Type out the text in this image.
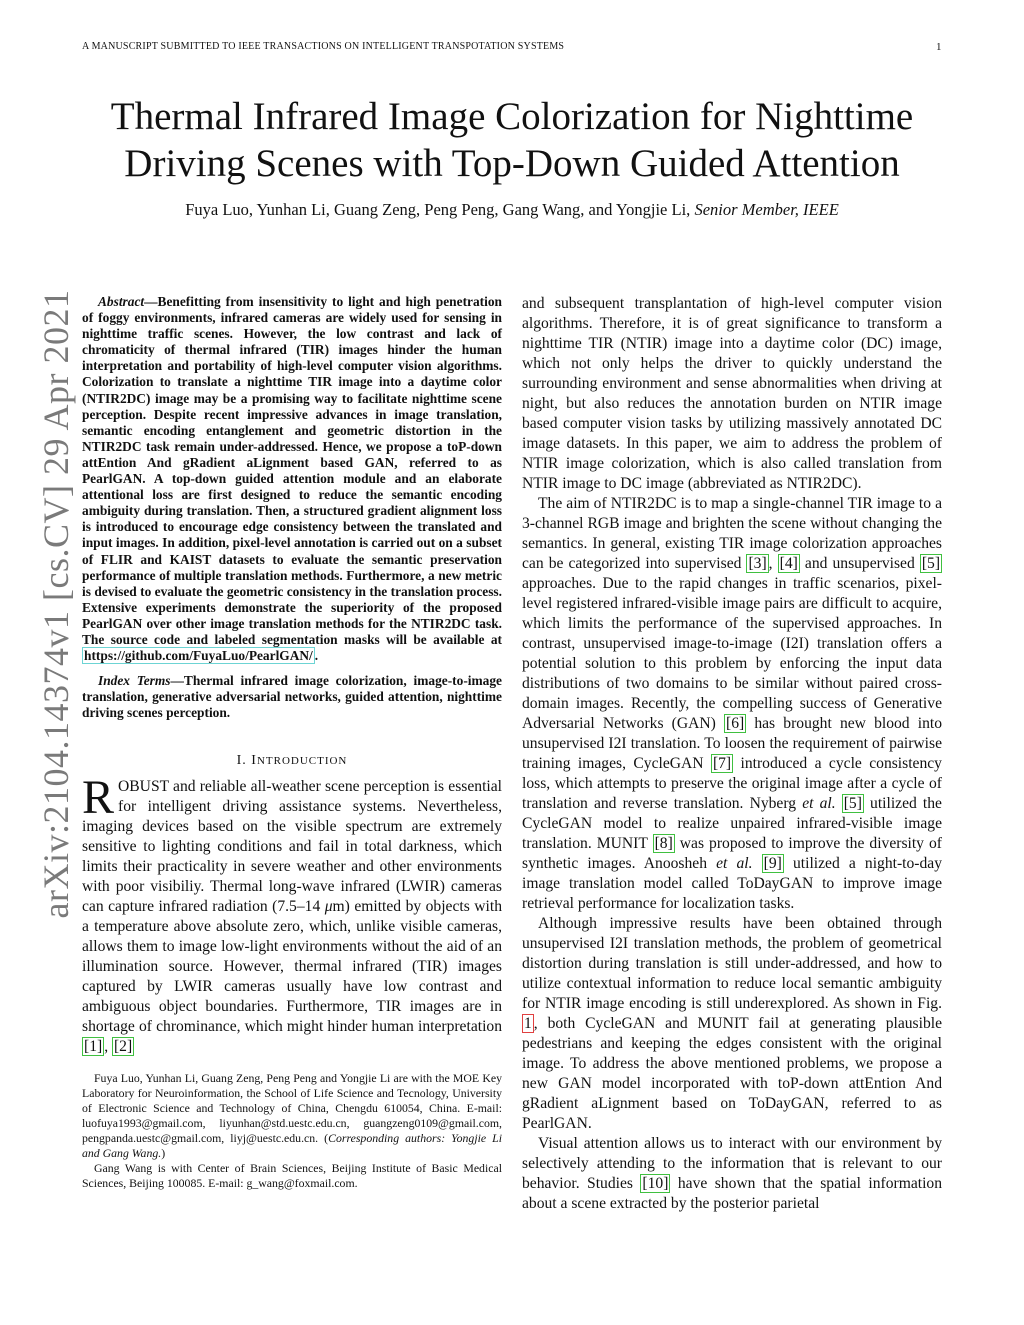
A MANUSCRIPT SUBMITTED TO IEEE TRANSACTIONS ON INTELLIGENT TRANSPOTATION SYSTEMS	1
Thermal Infrared Image Colorization for Nighttime
Driving Scenes with Top-Down Guided Attention
Fuya Luo, Yunhan Li, Guang Zeng, Peng Peng, Gang Wang, and Yongjie Li, Senior Member, IEEE
arXiv:2104.14374v1 [cs.CV] 29 Apr 2021	Abstract—Benefitting from insensitivity to light and high penetration of foggy environments, infrared cameras are widely used for sensing in nighttime traffic scenes. However, the low contrast and lack of chromaticity of thermal infrared (TIR) images hinder the human interpretation and portability of high-level computer vision algorithms. Colorization to translate a nighttime TIR image into a daytime color (NTIR2DC) image may be a promising way to facilitate nighttime scene perception. Despite recent impressive advances in image translation, semantic encoding entanglement and geometric distortion in the NTIR2DC task remain under-addressed. Hence, we propose a toP-down attEntion And gRadient aLignment based GAN, referred to as PearlGAN. A top-down guided attention module and an elaborate attentional loss are first designed to reduce the semantic encoding ambiguity during translation. Then, a structured gradient alignment loss is introduced to encourage edge consistency between the translated and input images. In addition, pixel-level annotation is carried out on a subset of FLIR and KAIST datasets to evaluate the semantic preservation performance of multiple translation methods. Furthermore, a new metric is devised to evaluate the geometric consistency in the translation process. Extensive experiments demonstrate the superiority of the proposed PearlGAN over other image translation methods for the NTIR2DC task. The source code and labeled segmentation masks will be available at https://github.com/FuyaLuo/PearlGAN/ .

Index Terms—Thermal infrared image colorization, image-to-image translation, generative adversarial networks, guided attention, nighttime driving scenes perception.

I. INTRODUCTION

ROBUST and reliable all-weather scene perception is essential for intelligent driving assistance systems. Nevertheless, imaging devices based on the visible spectrum are extremely sensitive to lighting conditions and fail in total darkness, which limits their practicality in severe weather and other environments with poor visibiliy. Thermal long-wave infrared (LWIR) cameras can capture infrared radiation (7.5–14 μm) emitted by objects with a temperature above absolute zero, which, unlike visible cameras, allows them to image low-light environments without the aid of an illumination source. However, thermal infrared (TIR) images captured by LWIR cameras usually have low contrast and ambiguous object boundaries. Furthermore, TIR images are in shortage of chrominance, which might hinder human interpretation [1] , [2]

Fuya Luo, Yunhan Li, Guang Zeng, Peng Peng and Yongjie Li are with the MOE Key Laboratory for Neuroinformation, the School of Life Science and Tecnology, University of Electronic Science and Technology of China, Chengdu 610054, China. E-mail: luofuya1993@gmail.com, liyunhan@std.uestc.edu.cn, guangzeng0109@gmail.com, pengpanda.uestc@gmail.com, liyj@uestc.edu.cn. (Corresponding authors: Yongjie Li and Gang Wang.)

Gang Wang is with Center of Brain Sciences, Beijing Institute of Basic Medical Sciences, Beijing 100085. E-mail: g_wang@foxmail.com.

and subsequent transplantation of high-level computer vision algorithms. Therefore, it is of great significance to transform a nighttime TIR (NTIR) image into a daytime color (DC) image, which not only helps the driver to quickly understand the surrounding environment and sense abnormalities when driving at night, but also reduces the annotation burden on NTIR image based computer vision tasks by utilizing massively annotated DC image datasets. In this paper, we aim to address the problem of NTIR image colorization, which is also called translation from NTIR image to DC image (abbreviated as NTIR2DC).

The aim of NTIR2DC is to map a single-channel TIR image to a 3-channel RGB image and brighten the scene without changing the semantics. In general, existing TIR image colorization approaches can be categorized into supervised [3] , [4] and unsupervised [5] approaches. Due to the rapid changes in traffic scenarios, pixel-level registered infrared-visible image pairs are difficult to acquire, which limits the performance of the supervised approaches. In contrast, unsupervised image-to-image (I2I) translation offers a potential solution to this problem by enforcing the input data distributions of two domains to be similar without paired cross-domain images. Recently, the compelling success of Generative Adversarial Networks (GAN) [6] has brought new blood into unsupervised I2I translation. To loosen the requirement of pairwise training images, CycleGAN [7] introduced a cycle consistency loss, which attempts to preserve the original image after a cycle of translation and reverse translation. Nyberg et al. [5] utilized the CycleGAN model to realize unpaired infrared-visible image translation. MUNIT [8] was proposed to improve the diversity of synthetic images. Anoosheh et al. [9] utilized a night-to-day image translation model called ToDayGAN to improve image retrieval performance for localization tasks.

Although impressive results have been obtained through unsupervised I2I translation methods, the problem of geometrical distortion during translation is still under-addressed, and how to utilize contextual information to reduce local semantic ambiguity for NTIR image encoding is still underexplored. As shown in Fig. 1 , both CycleGAN and MUNIT fail at generating plausible pedestrians and keeping the edges consistent with the original image. To address the above mentioned problems, we propose a new GAN model incorporated with toP-down attEntion And gRadient aLignment based on ToDayGAN, referred to as PearlGAN.

Visual attention allows us to interact with our environment by selectively attending to the information that is relevant to our behavior. Studies [10] have shown that the spatial information about a scene extracted by the posterior parietal
